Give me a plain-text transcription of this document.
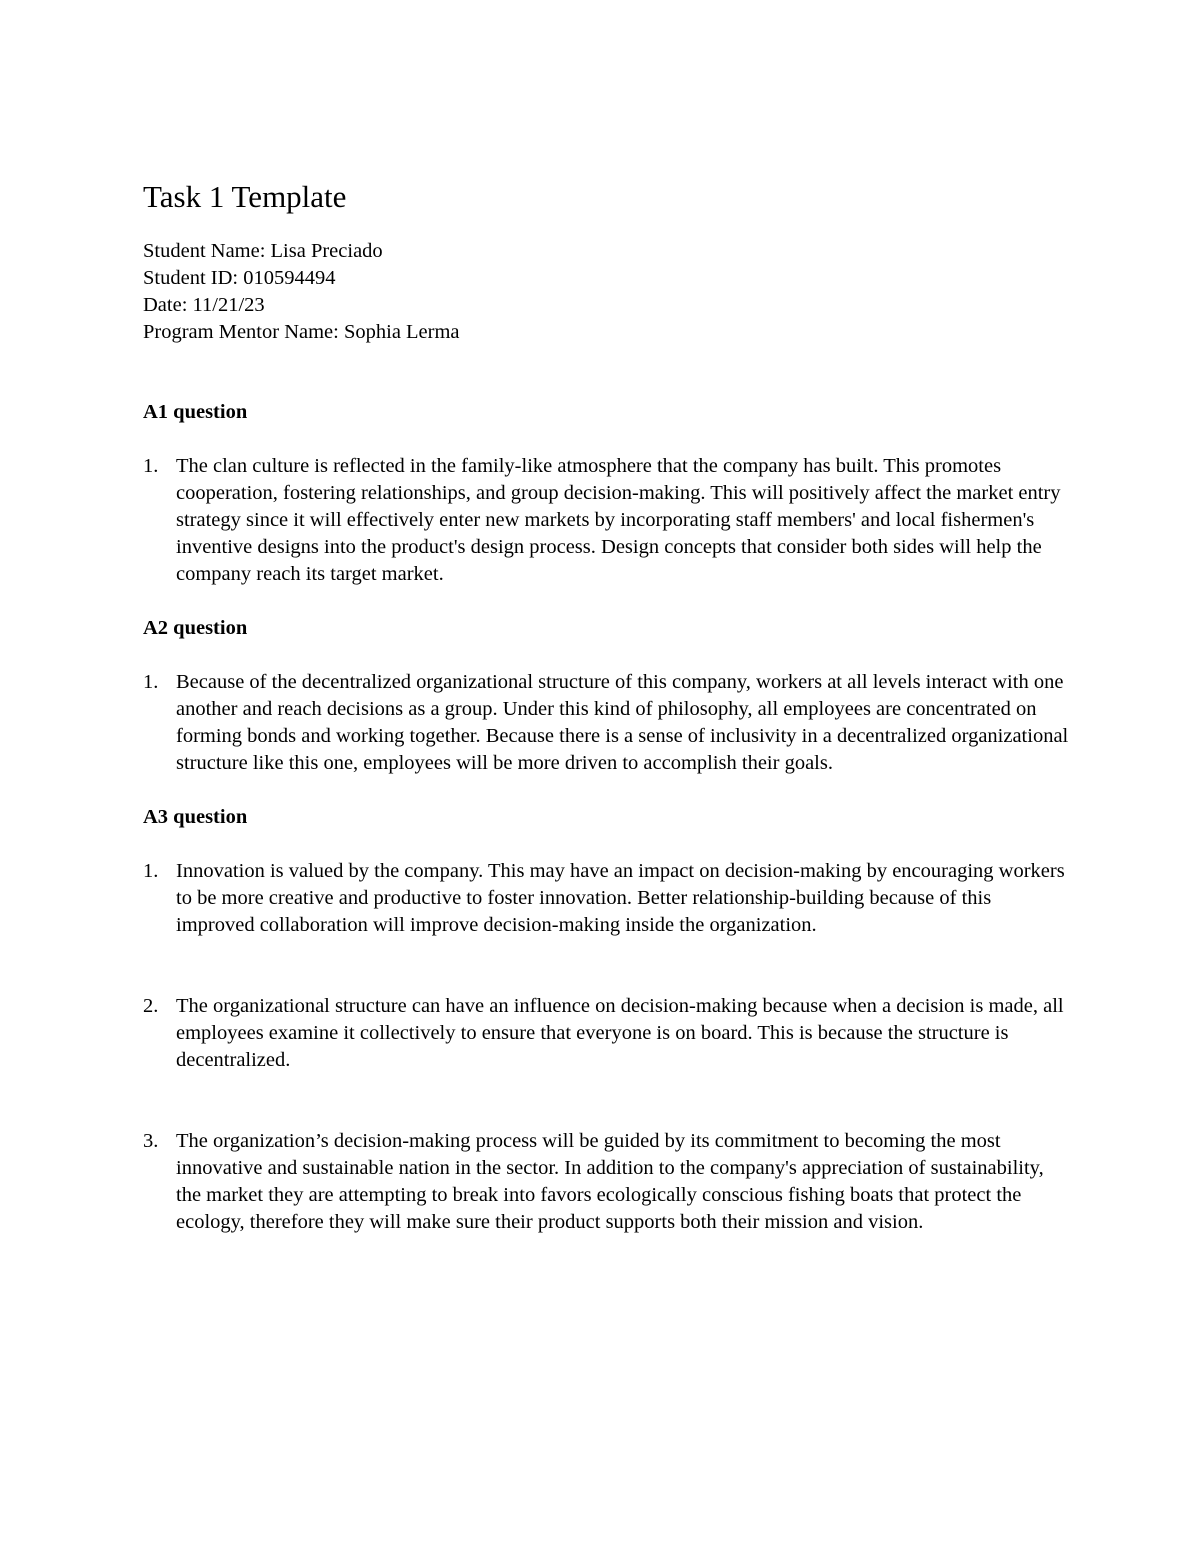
Task 1 Template

Student Name: Lisa Preciado

Student ID: 010594494

Date: 11/21/23

Program Mentor Name: Sophia Lerma

A1 question

1. The clan culture is reflected in the family-like atmosphere that the company has built. This promotes cooperation, fostering relationships, and group decision-making. This will positively affect the market entry strategy since it will effectively enter new markets by incorporating staff members' and local fishermen's inventive designs into the product's design process. Design concepts that consider both sides will help the company reach its target market.

A2 question

1. Because of the decentralized organizational structure of this company, workers at all levels interact with one another and reach decisions as a group. Under this kind of philosophy, all employees are concentrated on forming bonds and working together. Because there is a sense of inclusivity in a decentralized organizational structure like this one, employees will be more driven to accomplish their goals.

A3 question

1. Innovation is valued by the company. This may have an impact on decision-making by encouraging workers to be more creative and productive to foster innovation. Better relationship-building because of this improved collaboration will improve decision-making inside the organization.
2. The organizational structure can have an influence on decision-making because when a decision is made, all employees examine it collectively to ensure that everyone is on board. This is because the structure is decentralized.
3. The organization’s decision-making process will be guided by its commitment to becoming the most innovative and sustainable nation in the sector. In addition to the company's appreciation of sustainability, the market they are attempting to break into favors ecologically conscious fishing boats that protect the ecology, therefore they will make sure their product supports both their mission and vision.
